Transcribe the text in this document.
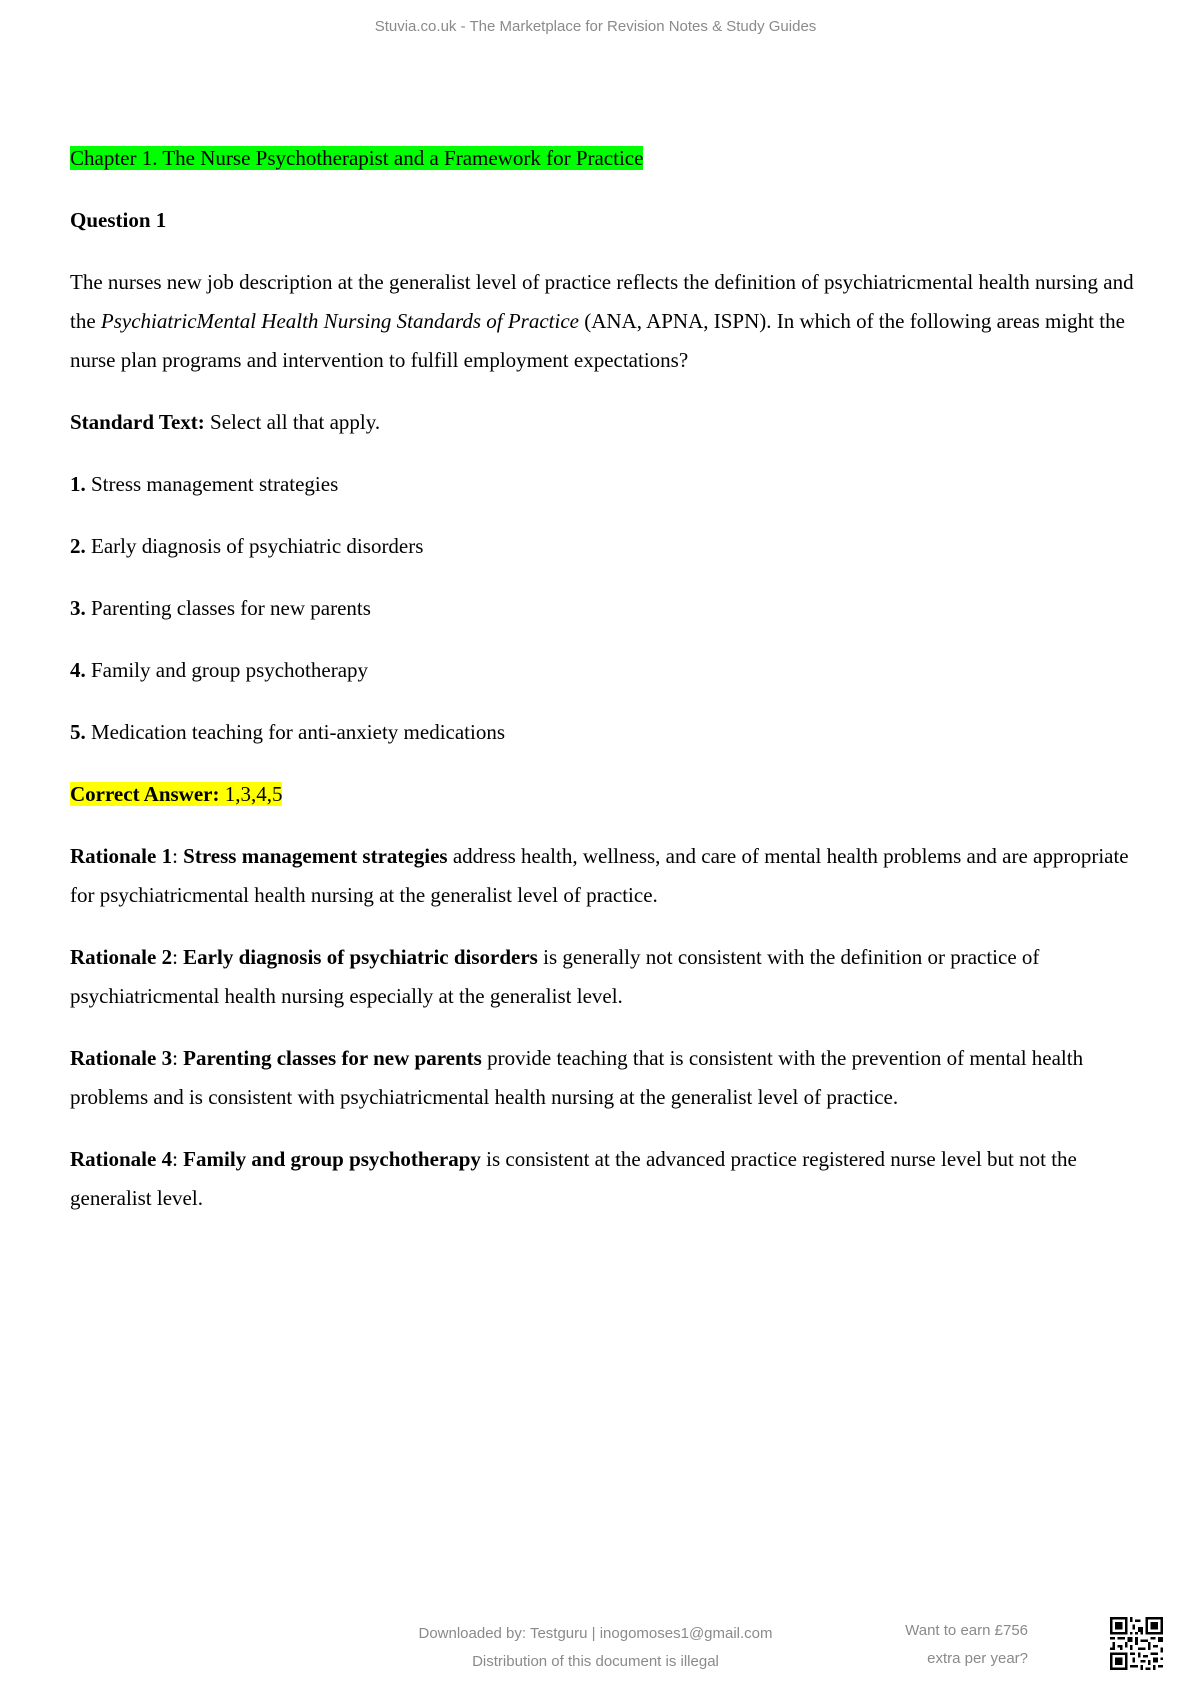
Stuvia.co.uk - The Marketplace for Revision Notes & Study Guides

Chapter 1. The Nurse Psychotherapist and a Framework for Practice

Question 1

The nurses new job description at the generalist level of practice reflects the definition of psychiatricmental health nursing and the PsychiatricMental Health Nursing Standards of Practice (ANA, APNA, ISPN). In which of the following areas might the nurse plan programs and intervention to fulfill employment expectations?

Standard Text: Select all that apply.

1. Stress management strategies

2. Early diagnosis of psychiatric disorders

3. Parenting classes for new parents

4. Family and group psychotherapy

5. Medication teaching for anti-anxiety medications

Correct Answer: 1,3,4,5

Rationale 1: Stress management strategies address health, wellness, and care of mental health problems and are appropriate for psychiatricmental health nursing at the generalist level of practice.

Rationale 2: Early diagnosis of psychiatric disorders is generally not consistent with the definition or practice of psychiatricmental health nursing especially at the generalist level.

Rationale 3: Parenting classes for new parents provide teaching that is consistent with the prevention of mental health problems and is consistent with psychiatricmental health nursing at the generalist level of practice.

Rationale 4: Family and group psychotherapy is consistent at the advanced practice registered nurse level but not the generalist level.

Downloaded by: Testguru | inogomoses1@gmail.com
Distribution of this document is illegal
Want to earn £756
extra per year?
